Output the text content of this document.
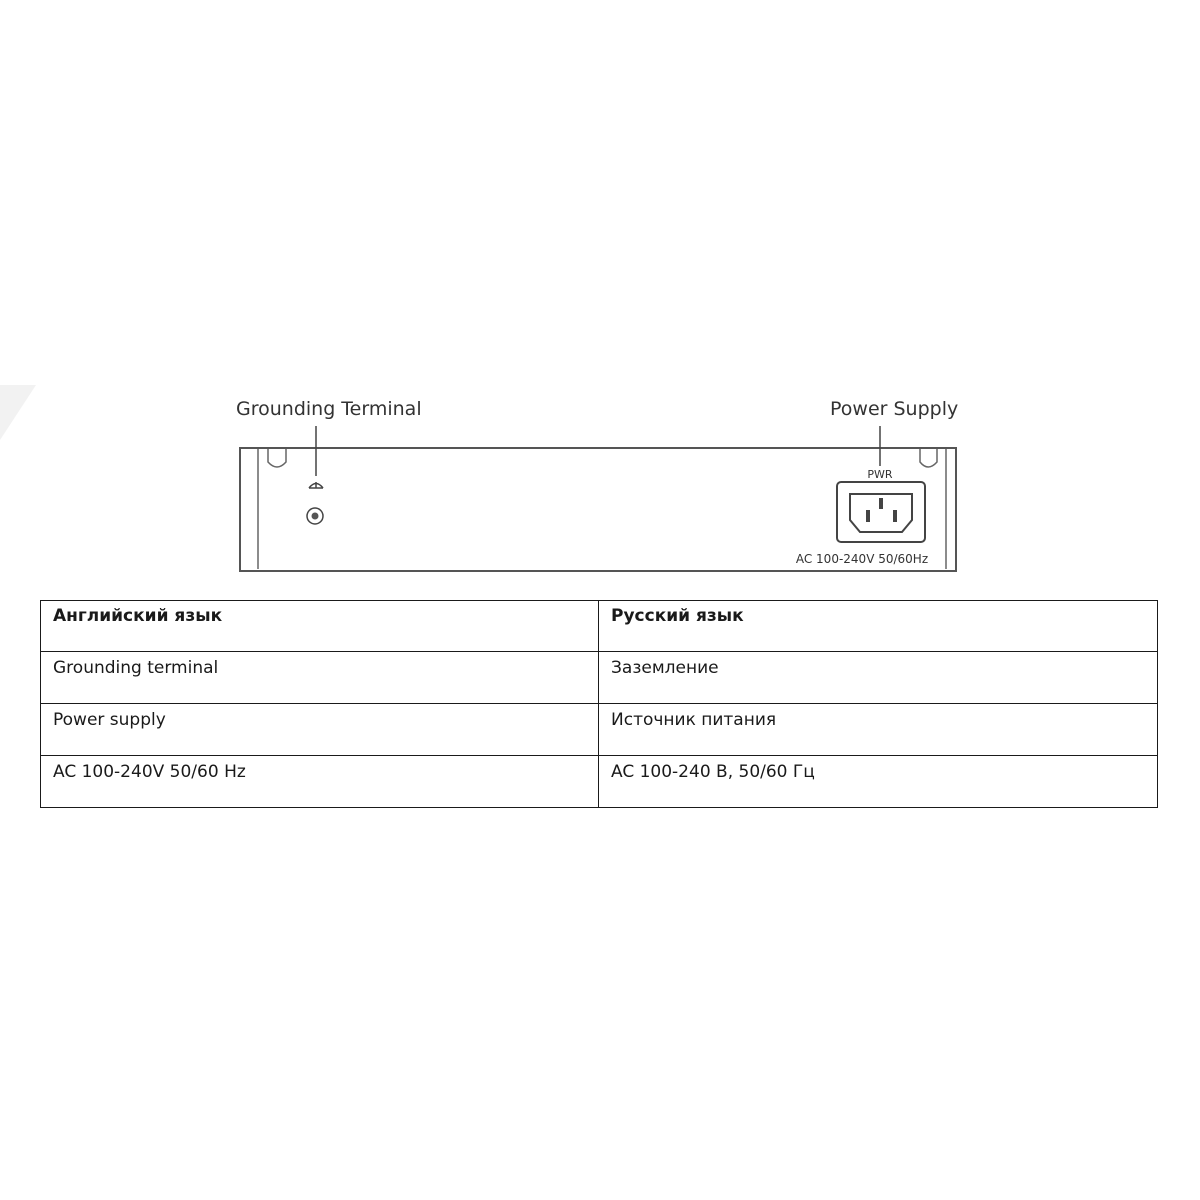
Grounding Terminal	Power Supply
PWR
AC 100-240V 50/60Hz
Английский язык	Русский язык
Grounding terminal	Заземление
Power supply	Источник питания
AC 100-240V 50/60 Hz	AC 100-240 В, 50/60 Гц
